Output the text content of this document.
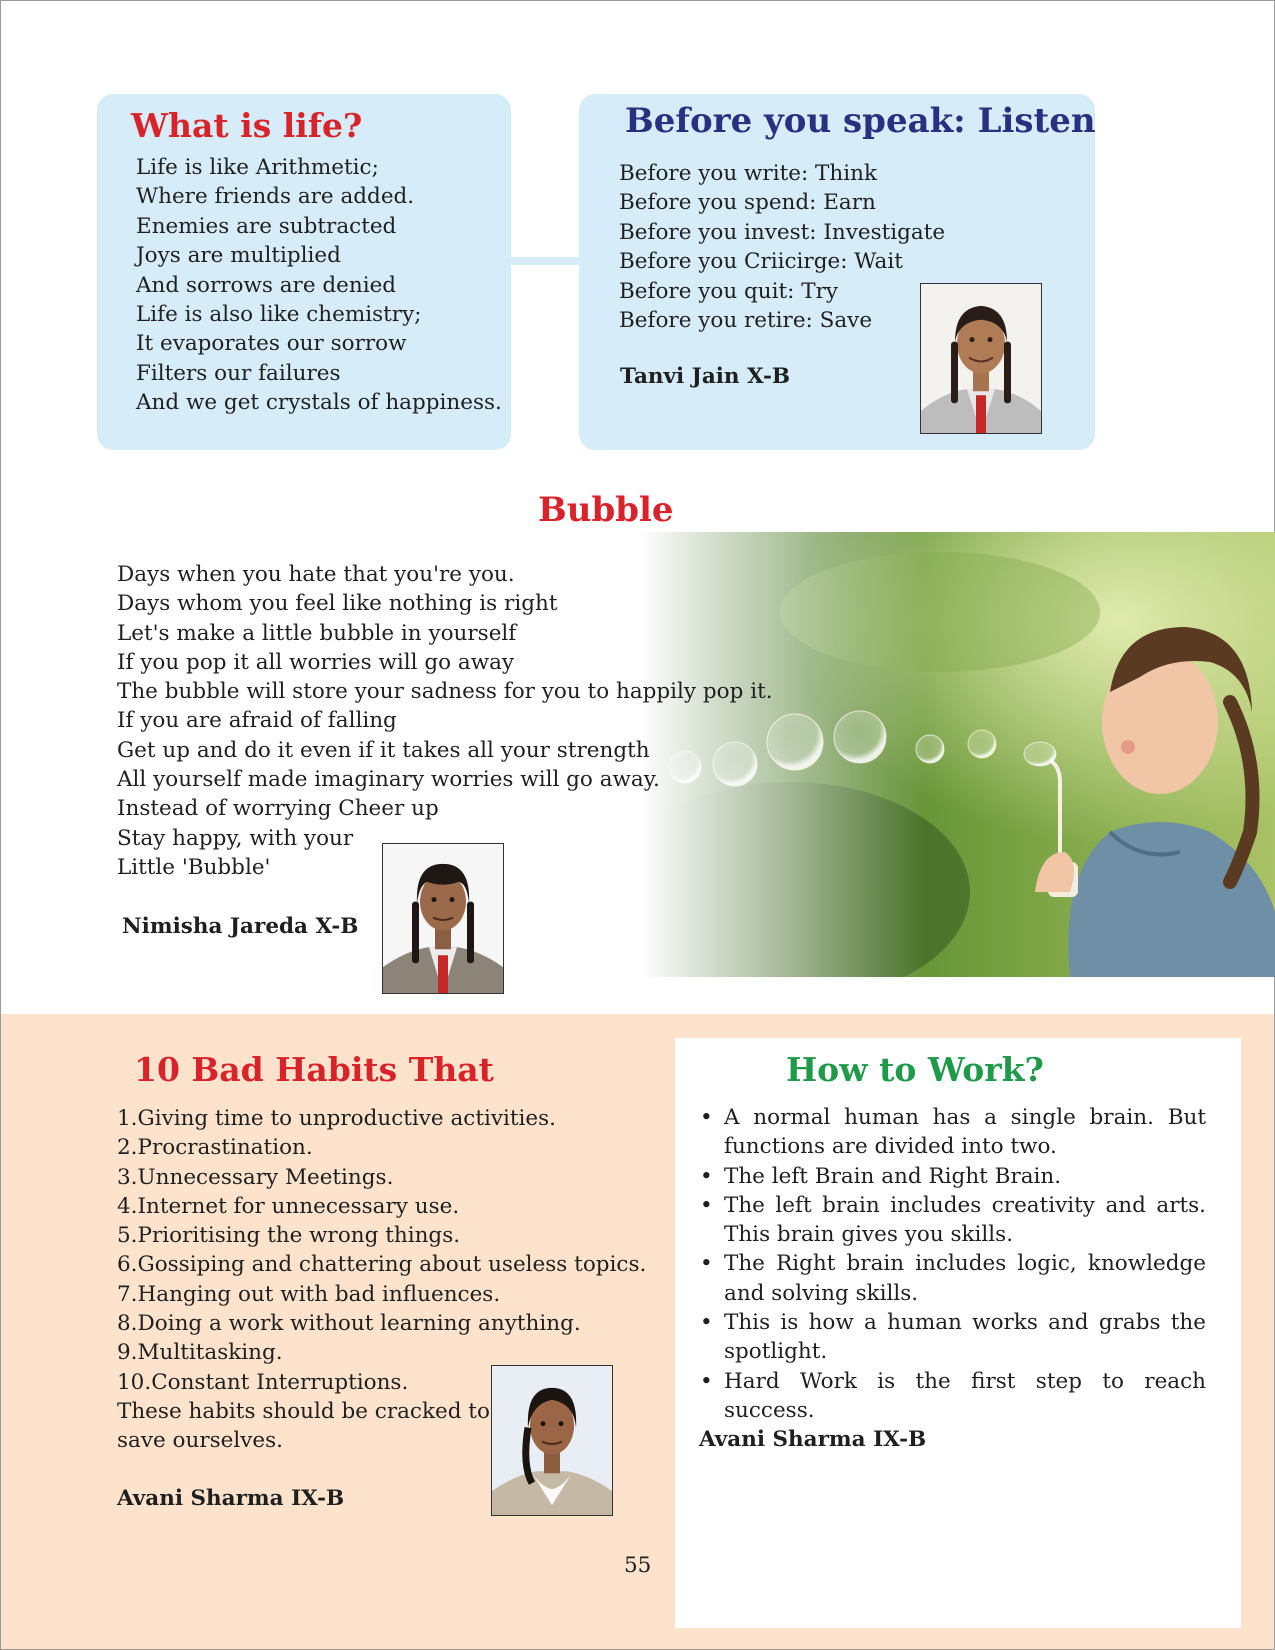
What is life?
Life is like Arithmetic;
Where friends are added.
Enemies are subtracted
Joys are multiplied
And sorrows are denied
Life is also like chemistry;
It evaporates our sorrow
Filters our failures
And we get crystals of happiness.
Before you speak: Listen
Before you write: Think
Before you spend: Earn
Before you invest: Investigate
Before you Criicirge: Wait
Before you quit: Try
Before you retire: Save
Tanvi Jain X-B
Bubble
Days when you hate that you're you.
Days whom you feel like nothing is right
Let's make a little bubble in yourself
If you pop it all worries will go away
The bubble will store your sadness for you to happily pop it.
If you are afraid of falling
Get up and do it even if it takes all your strength
All yourself made imaginary worries will go away.
Instead of worrying Cheer up
Stay happy, with your
Little 'Bubble'
Nimisha Jareda X-B
10 Bad Habits That
1.Giving time to unproductive activities.
2.Procrastination.
3.Unnecessary Meetings.
4.Internet for unnecessary use.
5.Prioritising the wrong things.
6.Gossiping and chattering about useless topics.
7.Hanging out with bad influences.
8.Doing a work without learning anything.
9.Multitasking.
10.Constant Interruptions.
These habits should be cracked to
save ourselves.
Avani Sharma IX-B
How to Work?
• A normal human has a single brain. But functions are divided into two.
• The left Brain and Right Brain.
• The left brain includes creativity and arts. This brain gives you skills.
• The Right brain includes logic, knowledge and solving skills.
• This is how a human works and grabs the spotlight.
• Hard Work is the first step to reach success.
Avani Sharma IX-B
55
